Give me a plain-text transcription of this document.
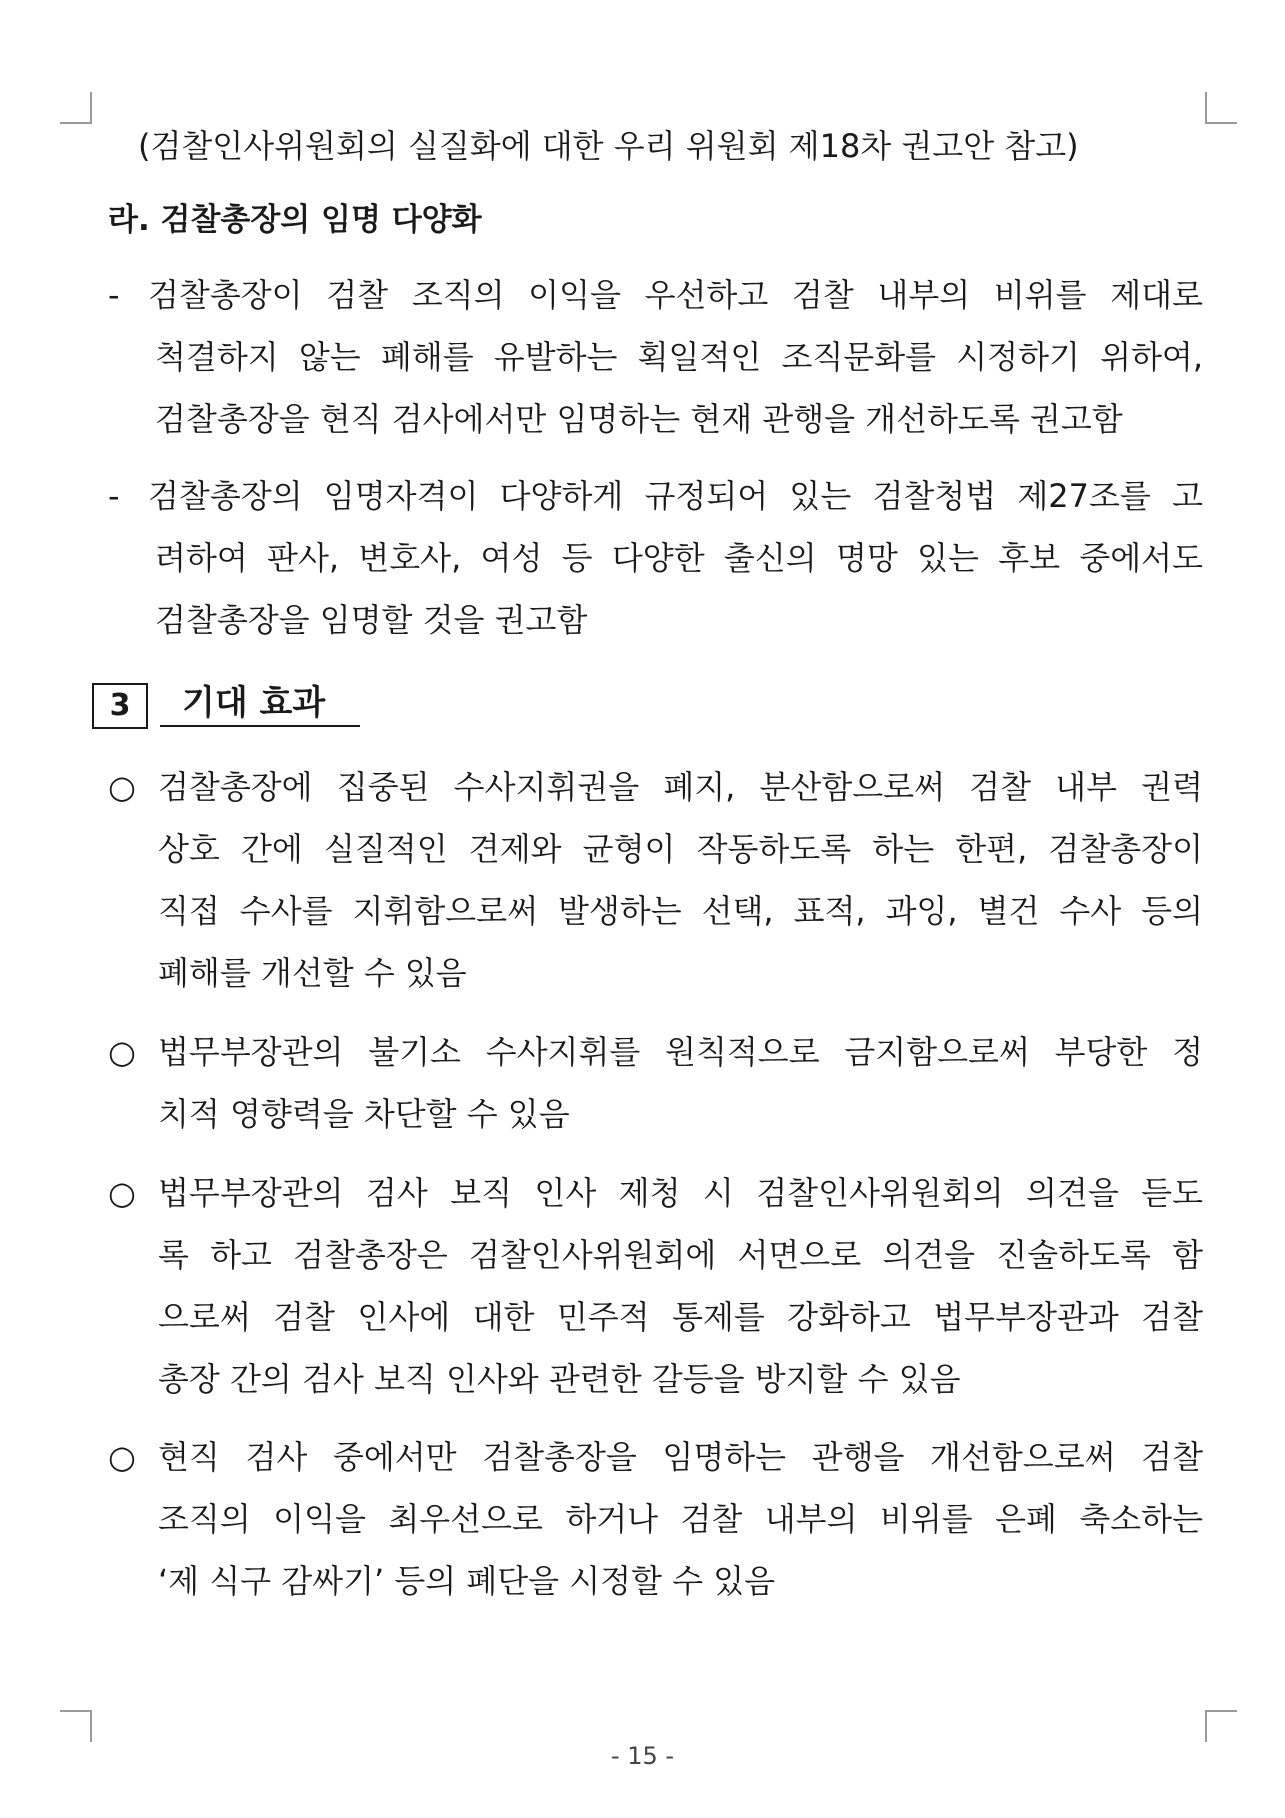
(검찰인사위원회의 실질화에 대한 우리 위원회 제18차 권고안 참고)
라. 검찰총장의 임명 다양화
- 검찰총장이 검찰 조직의 이익을 우선하고 검찰 내부의 비위를 제대로
척결하지 않는 폐해를 유발하는 획일적인 조직문화를 시정하기 위하여,
검찰총장을 현직 검사에서만 임명하는 현재 관행을 개선하도록 권고함
- 검찰총장의 임명자격이 다양하게 규정되어 있는 검찰청법 제27조를 고
려하여 판사, 변호사, 여성 등 다양한 출신의 명망 있는 후보 중에서도
검찰총장을 임명할 것을 권고함
3	기대 효과
○ 검찰총장에 집중된 수사지휘권을 폐지, 분산함으로써 검찰 내부 권력
상호 간에 실질적인 견제와 균형이 작동하도록 하는 한편, 검찰총장이
직접 수사를 지휘함으로써 발생하는 선택, 표적, 과잉, 별건 수사 등의
폐해를 개선할 수 있음
○ 법무부장관의 불기소 수사지휘를 원칙적으로 금지함으로써 부당한 정
치적 영향력을 차단할 수 있음
○ 법무부장관의 검사 보직 인사 제청 시 검찰인사위원회의 의견을 듣도
록 하고 검찰총장은 검찰인사위원회에 서면으로 의견을 진술하도록 함
으로써 검찰 인사에 대한 민주적 통제를 강화하고 법무부장관과 검찰
총장 간의 검사 보직 인사와 관련한 갈등을 방지할 수 있음
○ 현직 검사 중에서만 검찰총장을 임명하는 관행을 개선함으로써 검찰
조직의 이익을 최우선으로 하거나 검찰 내부의 비위를 은폐 축소하는
‘제 식구 감싸기’ 등의 폐단을 시정할 수 있음
- 15 -
